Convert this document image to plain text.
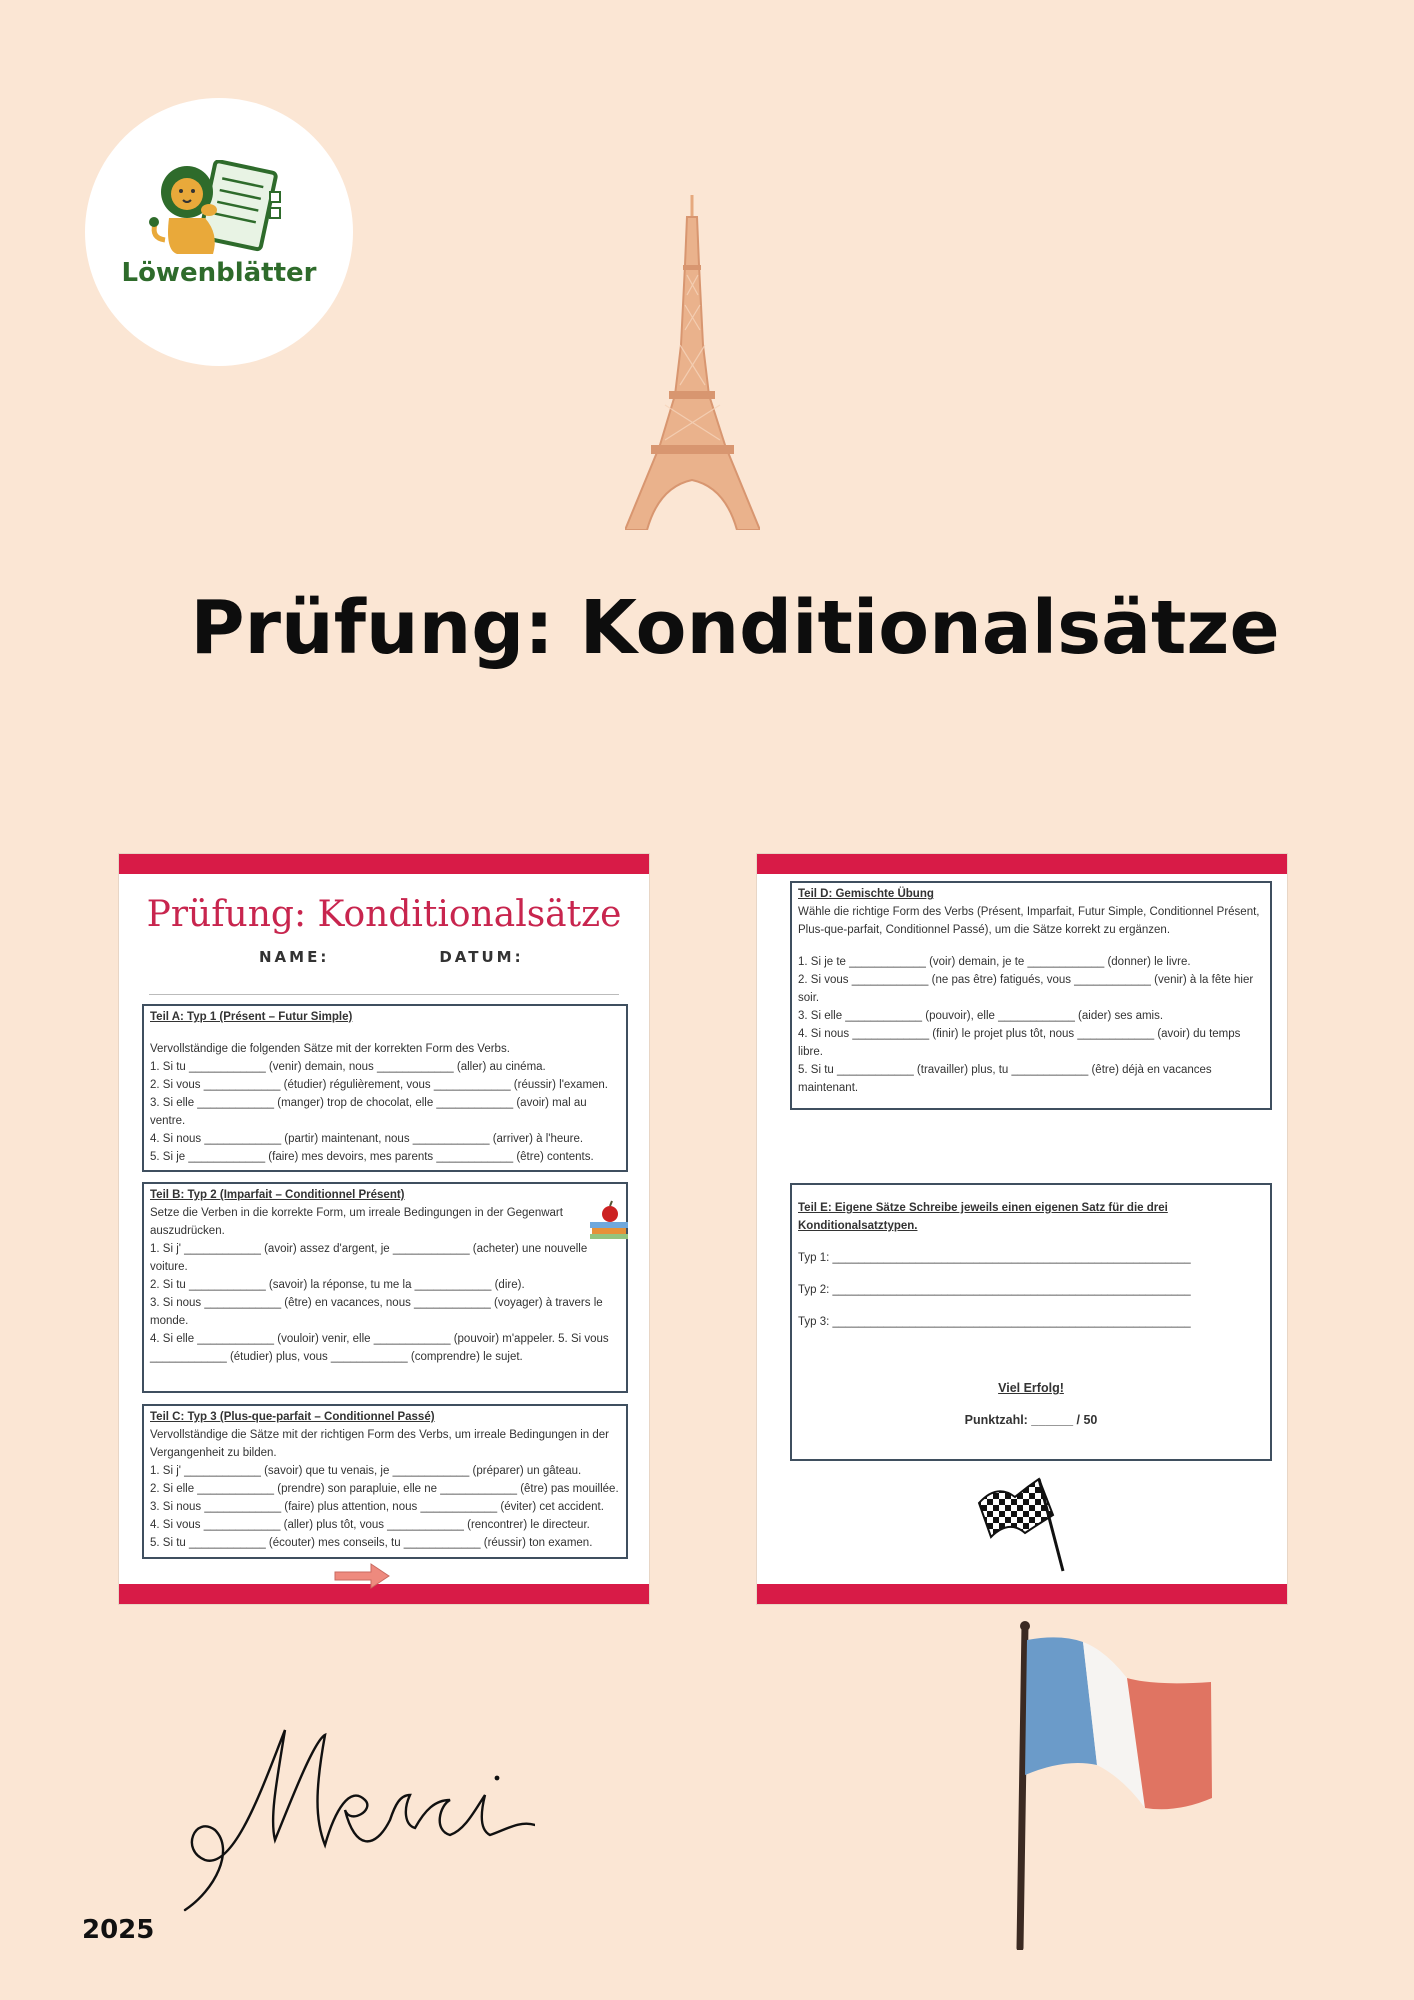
Löwenblätter
Prüfung: Konditionalsätze
Prüfung: Konditionalsätze
NAME:	DATUM:

Teil A: Typ 1 (Présent – Futur Simple)

Vervollständige die folgenden Sätze mit der korrekten Form des Verbs.

1. Si tu ____________ (venir) demain, nous ____________ (aller) au cinéma.

2. Si vous ____________ (étudier) régulièrement, vous ____________ (réussir) l'examen.

3. Si elle ____________ (manger) trop de chocolat, elle ____________ (avoir) mal au ventre.

4. Si nous ____________ (partir) maintenant, nous ____________ (arriver) à l'heure.

5. Si je ____________ (faire) mes devoirs, mes parents ____________ (être) contents.

Teil B: Typ 2 (Imparfait – Conditionnel Présent)

Setze die Verben in die korrekte Form, um irreale Bedingungen in der Gegenwart auszudrücken.

1. Si j' ____________ (avoir) assez d'argent, je ____________ (acheter) une nouvelle voiture.

2. Si tu ____________ (savoir) la réponse, tu me la ____________ (dire).

3. Si nous ____________ (être) en vacances, nous ____________ (voyager) à travers le monde.

4. Si elle ____________ (vouloir) venir, elle ____________ (pouvoir) m'appeler. 5. Si vous ____________ (étudier) plus, vous ____________ (comprendre) le sujet.

Teil C: Typ 3 (Plus-que-parfait – Conditionnel Passé)

Vervollständige die Sätze mit der richtigen Form des Verbs, um irreale Bedingungen in der Vergangenheit zu bilden.

1. Si j' ____________ (savoir) que tu venais, je ____________ (préparer) un gâteau.

2. Si elle ____________ (prendre) son parapluie, elle ne ____________ (être) pas mouillée.

3. Si nous ____________ (faire) plus attention, nous ____________ (éviter) cet accident.

4. Si vous ____________ (aller) plus tôt, vous ____________ (rencontrer) le directeur.

5. Si tu ____________ (écouter) mes conseils, tu ____________ (réussir) ton examen.

Teil D: Gemischte Übung

Wähle die richtige Form des Verbs (Présent, Imparfait, Futur Simple, Conditionnel Présent, Plus-que-parfait, Conditionnel Passé), um die Sätze korrekt zu ergänzen.

1. Si je te ____________ (voir) demain, je te ____________ (donner) le livre.

2. Si vous ____________ (ne pas être) fatigués, vous ____________ (venir) à la fête hier soir.

3. Si elle ____________ (pouvoir), elle ____________ (aider) ses amis.

4. Si nous ____________ (finir) le projet plus tôt, nous ____________ (avoir) du temps libre.

5. Si tu ____________ (travailler) plus, tu ____________ (être) déjà en vacances maintenant.

Teil E: Eigene Sätze Schreibe jeweils einen eigenen Satz für die drei Konditionalsatztypen.

Typ 1: ________________________________________________________

Typ 2: ________________________________________________________

Typ 3: ________________________________________________________

Viel Erfolg!

Punktzahl: ______ / 50

2025
